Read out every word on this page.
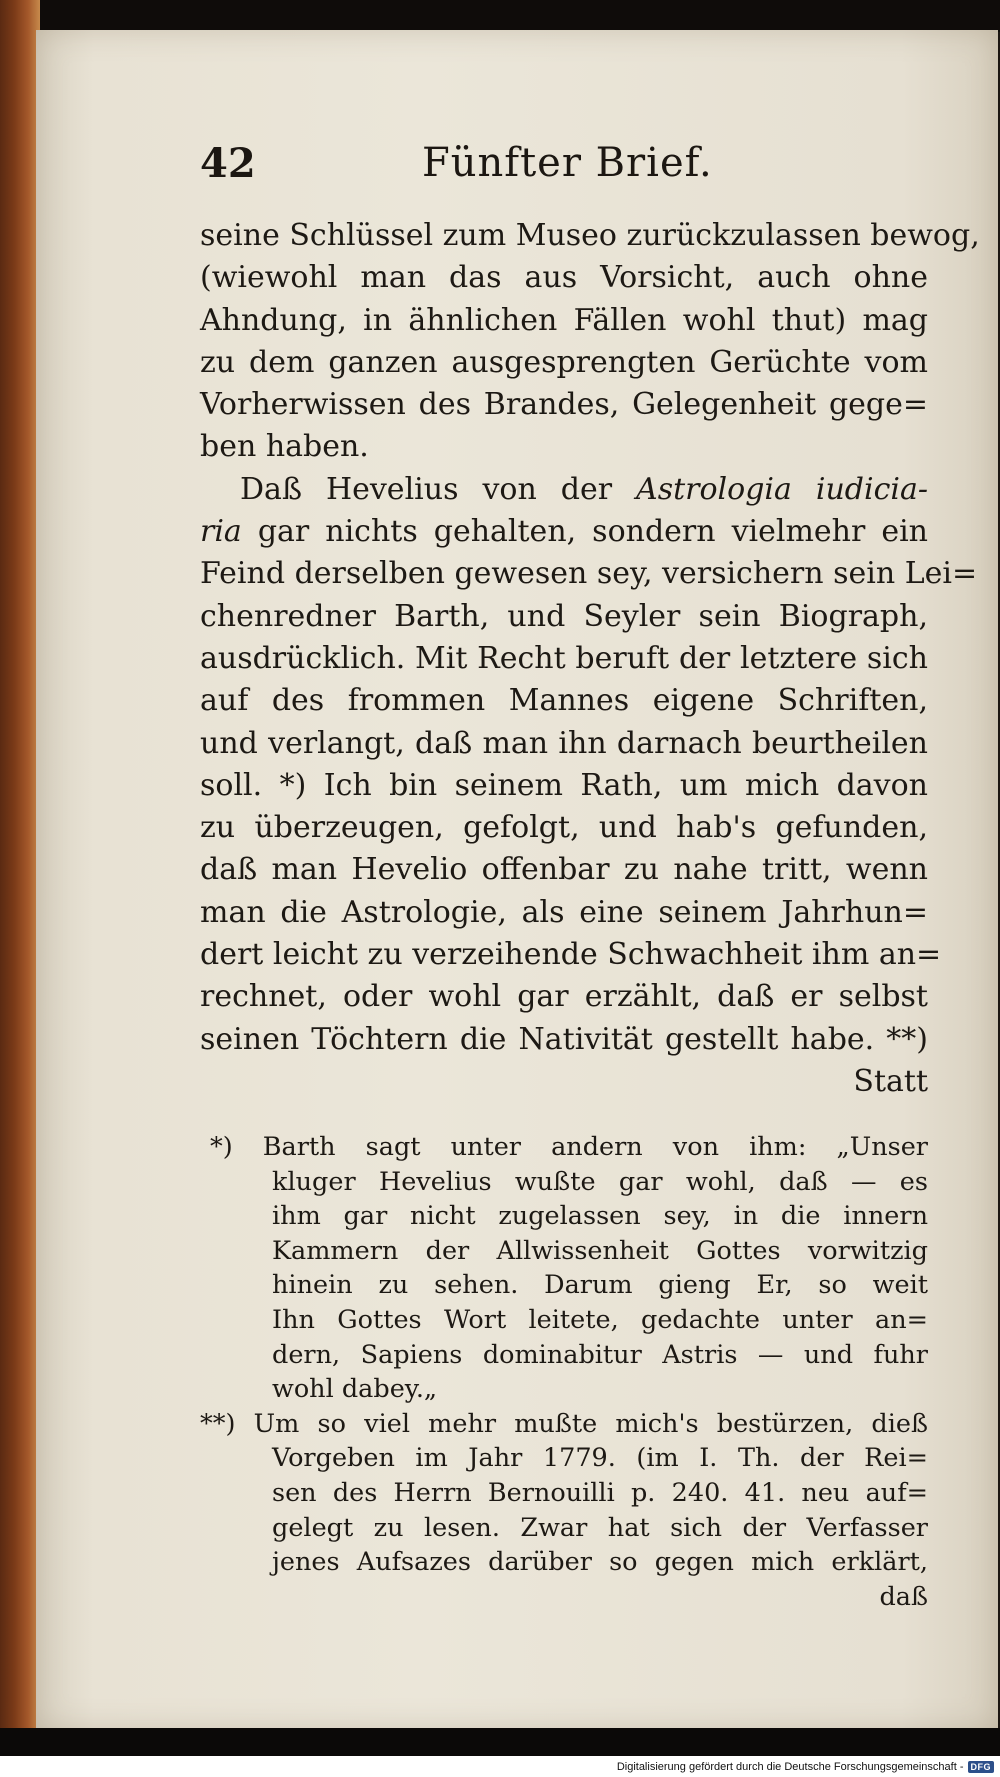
42	Fünfter Brief.
seine Schlüssel zum Museo zurückzulassen bewog,
(wiewohl man das aus Vorsicht, auch ohne
Ahndung, in ähnlichen Fällen wohl thut) mag
zu dem ganzen ausgesprengten Gerüchte vom
Vorherwissen des Brandes, Gelegenheit gege=
ben haben.
Daß Hevelius von der Astrologia iudicia-
ria gar nichts gehalten, sondern vielmehr ein
Feind derselben gewesen sey, versichern sein Lei=
chenredner Barth, und Seyler sein Biograph,
ausdrücklich. Mit Recht beruft der letztere sich
auf des frommen Mannes eigene Schriften,
und verlangt, daß man ihn darnach beurtheilen
soll. *) Ich bin seinem Rath, um mich davon
zu überzeugen, gefolgt, und hab's gefunden,
daß man Hevelio offenbar zu nahe tritt, wenn
man die Astrologie, als eine seinem Jahrhun=
dert leicht zu verzeihende Schwachheit ihm an=
rechnet, oder wohl gar erzählt, daß er selbst
seinen Töchtern die Nativität gestellt habe. **)
Statt
*) Barth sagt unter andern von ihm: „Unser
kluger Hevelius wußte gar wohl, daß — es
ihm gar nicht zugelassen sey, in die innern
Kammern der Allwissenheit Gottes vorwitzig
hinein zu sehen. Darum gieng Er, so weit
Ihn Gottes Wort leitete, gedachte unter an=
dern, Sapiens dominabitur Astris — und fuhr
wohl dabey.„
**) Um so viel mehr mußte mich's bestürzen, dieß
Vorgeben im Jahr 1779. (im I. Th. der Rei=
sen des Herrn Bernouilli p. 240. 41. neu auf=
gelegt zu lesen. Zwar hat sich der Verfasser
jenes Aufsazes darüber so gegen mich erklärt,
daß
Digitalisierung gefördert durch die Deutsche Forschungsgemeinschaft - DFG
